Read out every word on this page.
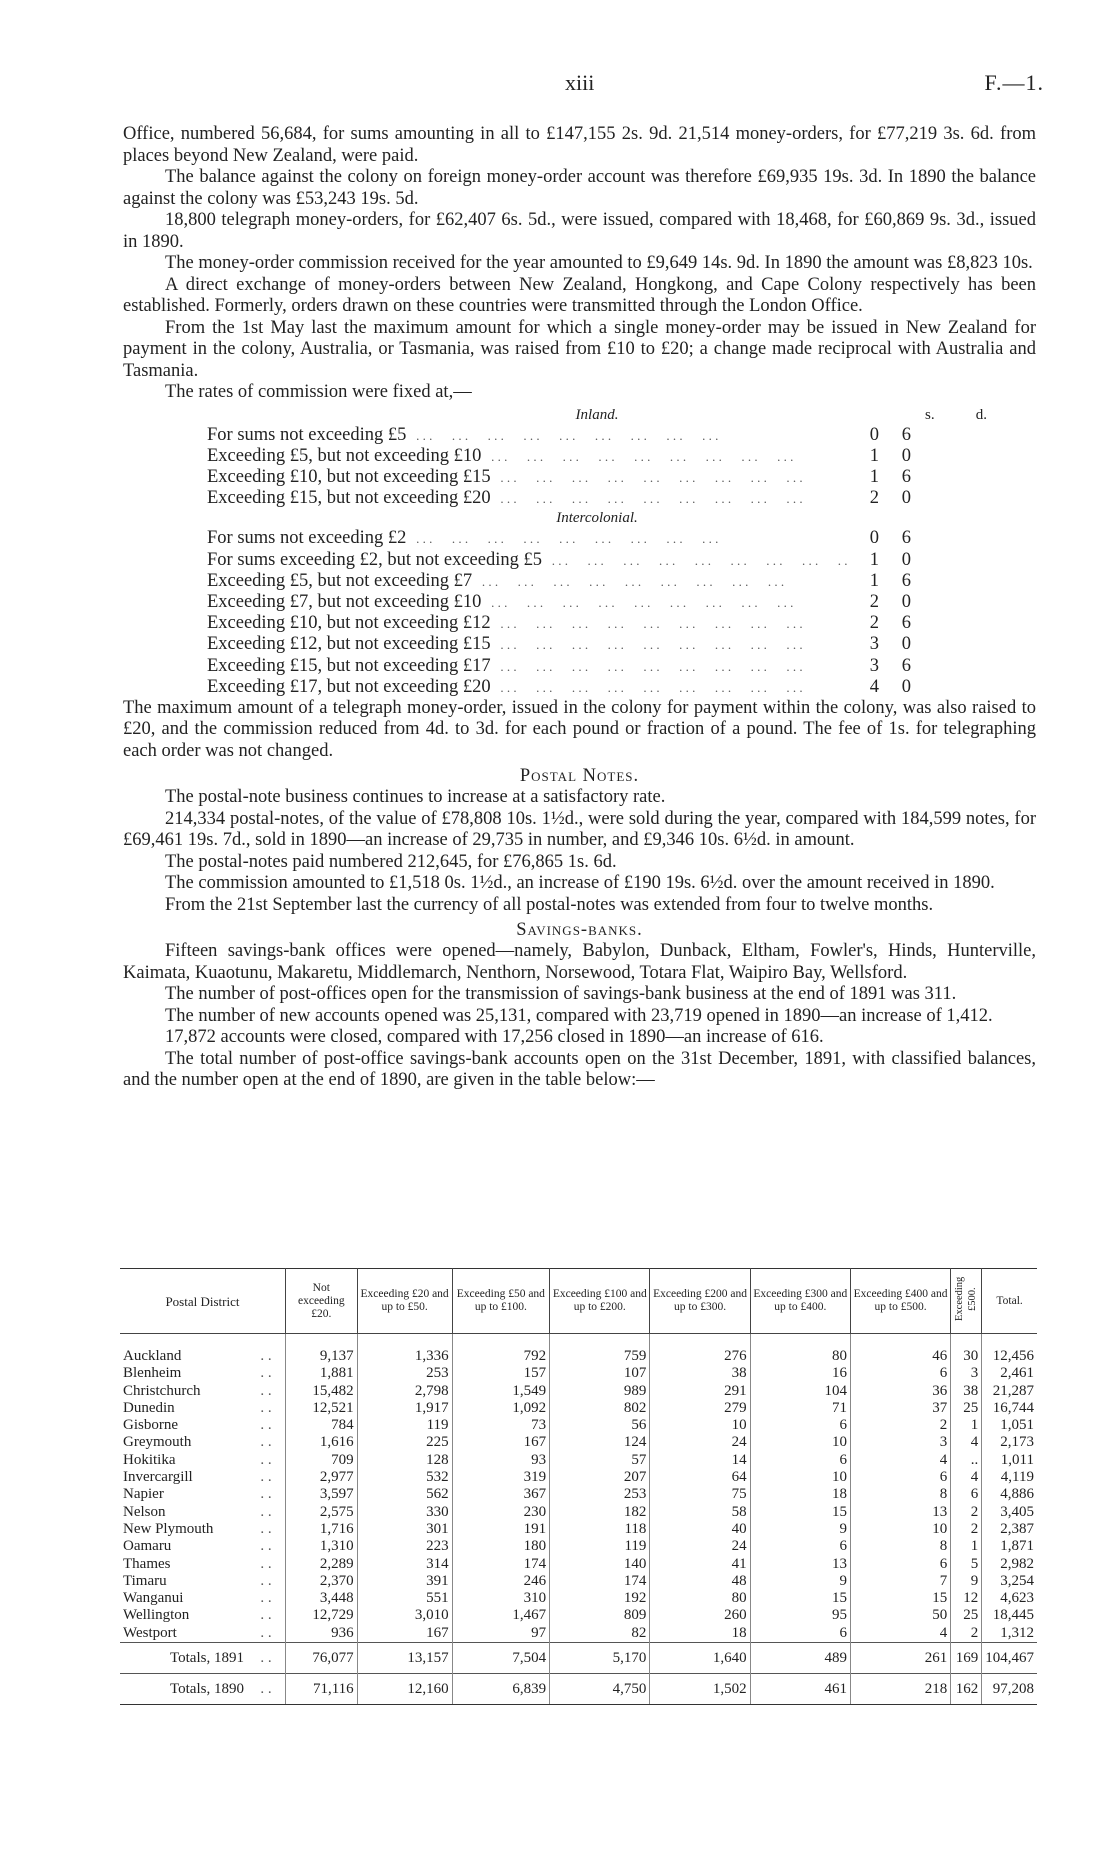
xiii	F.—1.

Office, numbered 56,684, for sums amounting in all to £147,155 2s. 9d. 21,514 money-orders, for £77,219 3s. 6d. from places beyond New Zealand, were paid.

The balance against the colony on foreign money-order account was therefore £69,935 19s. 3d. In 1890 the balance against the colony was £53,243 19s. 5d.

18,800 telegraph money-orders, for £62,407 6s. 5d., were issued, compared with 18,468, for £60,869 9s. 3d., issued in 1890.

The money-order commission received for the year amounted to £9,649 14s. 9d. In 1890 the amount was £8,823 10s.

A direct exchange of money-orders between New Zealand, Hongkong, and Cape Colony respectively has been established. Formerly, orders drawn on these countries were transmitted through the London Office.

From the 1st May last the maximum amount for which a single money-order may be issued in New Zealand for payment in the colony, Australia, or Tasmania, was raised from £10 to £20; a change made reciprocal with Australia and Tasmania.

The rates of commission were fixed at,—

Inland.	s.	d.
For sums not exceeding £5 . . .	0	6
Exceeding £5, but not exceeding £10 . . .	1	0
Exceeding £10, but not exceeding £15 . . .	1	6
Exceeding £15, but not exceeding £20 . . .	2	0
Intercolonial.
For sums not exceeding £2 . . .	0	6
For sums exceeding £2, but not exceeding £5 . . .	1	0
Exceeding £5, but not exceeding £7 . . .	1	6
Exceeding £7, but not exceeding £10 . . .	2	0
Exceeding £10, but not exceeding £12 . . .	2	6
Exceeding £12, but not exceeding £15 . . .	3	0
Exceeding £15, but not exceeding £17 . . .	3	6
Exceeding £17, but not exceeding £20 . . .	4	0

The maximum amount of a telegraph money-order, issued in the colony for payment within the colony, was also raised to £20, and the commission reduced from 4d. to 3d. for each pound or fraction of a pound. The fee of 1s. for telegraphing each order was not changed.

Postal Notes.

The postal-note business continues to increase at a satisfactory rate.

214,334 postal-notes, of the value of £78,808 10s. 1½d., were sold during the year, compared with 184,599 notes, for £69,461 19s. 7d., sold in 1890—an increase of 29,735 in number, and £9,346 10s. 6½d. in amount.

The postal-notes paid numbered 212,645, for £76,865 1s. 6d.

The commission amounted to £1,518 0s. 1½d., an increase of £190 19s. 6½d. over the amount received in 1890.

From the 21st September last the currency of all postal-notes was extended from four to twelve months.

Savings-banks.

Fifteen savings-bank offices were opened—namely, Babylon, Dunback, Eltham, Fowler's, Hinds, Hunterville, Kaimata, Kuaotunu, Makaretu, Middlemarch, Nenthorn, Norsewood, Totara Flat, Waipiro Bay, Wellsford.

The number of post-offices open for the transmission of savings-bank business at the end of 1891 was 311.

The number of new accounts opened was 25,131, compared with 23,719 opened in 1890—an increase of 1,412.

17,872 accounts were closed, compared with 17,256 closed in 1890—an increase of 616.

The total number of post-office savings-bank accounts open on the 31st December, 1891, with classified balances, and the number open at the end of 1890, are given in the table below:—

Postal District		Not exceeding £20.	Exceeding £20 and up to £50.	Exceeding £50 and up to £100.	Exceeding £100 and up to £200.	Exceeding £200 and up to £300.	Exceeding £300 and up to £400.	Exceeding £400 and up to £500.	Exceeding £500.	Total.

Auckland	. .	9,137	1,336	792	759	276	80	46	30	12,456
Blenheim	. .	1,881	253	157	107	38	16	6	3	2,461
Christchurch	. .	15,482	2,798	1,549	989	291	104	36	38	21,287
Dunedin	. .	12,521	1,917	1,092	802	279	71	37	25	16,744
Gisborne	. .	784	119	73	56	10	6	2	1	1,051
Greymouth	. .	1,616	225	167	124	24	10	3	4	2,173
Hokitika	. .	709	128	93	57	14	6	4	..	1,011
Invercargill	. .	2,977	532	319	207	64	10	6	4	4,119
Napier	. .	3,597	562	367	253	75	18	8	6	4,886
Nelson	. .	2,575	330	230	182	58	15	13	2	3,405
New Plymouth	. .	1,716	301	191	118	40	9	10	2	2,387
Oamaru	. .	1,310	223	180	119	24	6	8	1	1,871
Thames	. .	2,289	314	174	140	41	13	6	5	2,982
Timaru	. .	2,370	391	246	174	48	9	7	9	3,254
Wanganui	. .	3,448	551	310	192	80	15	15	12	4,623
Wellington	. .	12,729	3,010	1,467	809	260	95	50	25	18,445
Westport	. .	936	167	97	82	18	6	4	2	1,312
Totals, 1891	. .	76,077	13,157	7,504	5,170	1,640	489	261	169	104,467
Totals, 1890	. .	71,116	12,160	6,839	4,750	1,502	461	218	162	97,208
